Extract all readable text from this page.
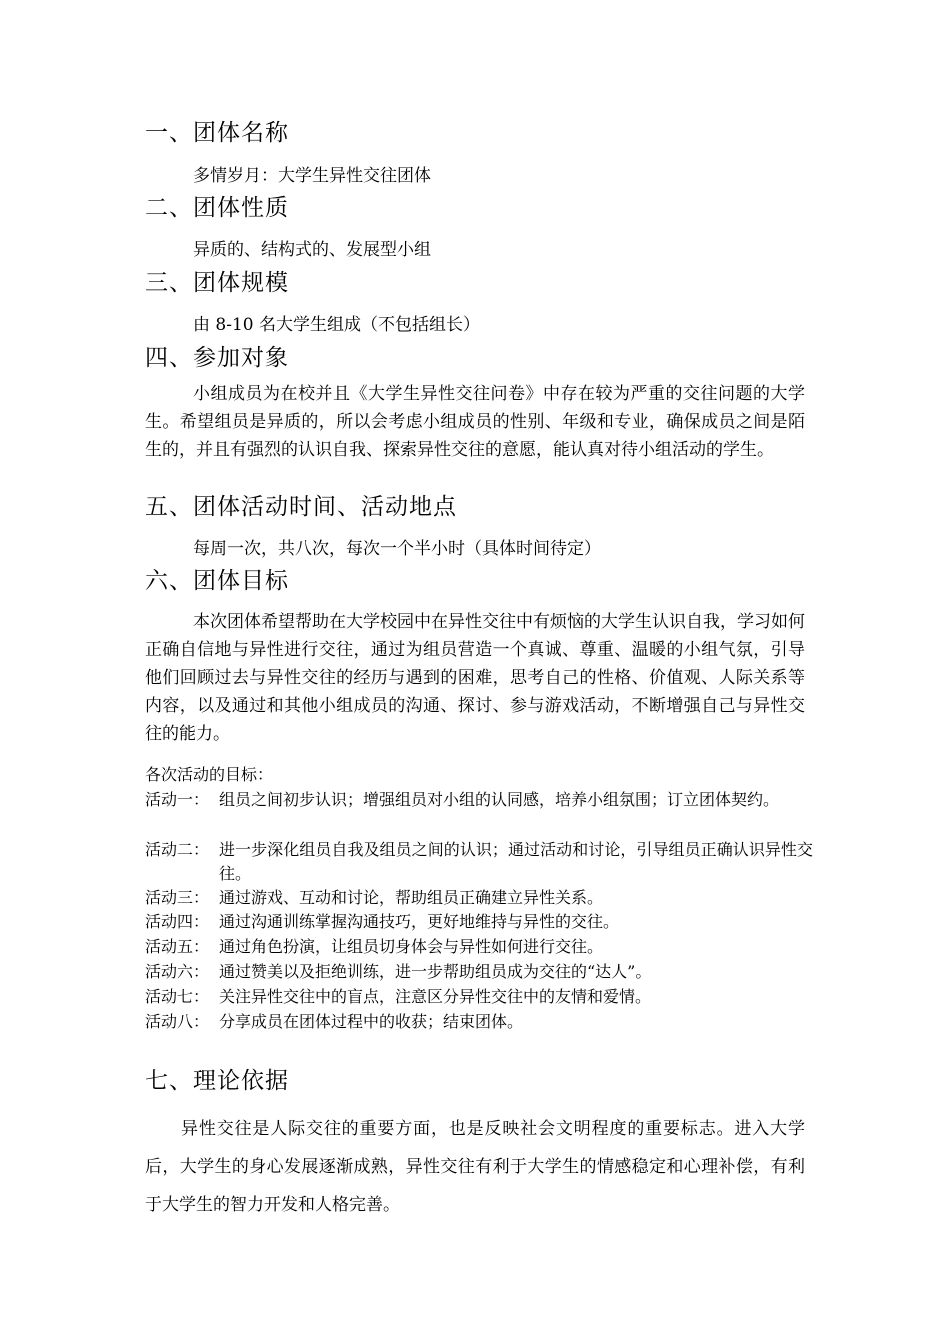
一、团体名称
多情岁月：大学生异性交往团体
二、团体性质
异质的、结构式的、发展型小组
三、团体规模
由 8-10 名大学生组成（不包括组长）
四、参加对象

小组成员为在校并且《大学生异性交往问卷》中存在较为严重的交往问题的大学生。希望组员是异质的，所以会考虑小组成员的性别、年级和专业，确保成员之间是陌生的，并且有强烈的认识自我、探索异性交往的意愿，能认真对待小组活动的学生。

五、团体活动时间、活动地点
每周一次，共八次，每次一个半小时（具体时间待定）
六、团体目标

本次团体希望帮助在大学校园中在异性交往中有烦恼的大学生认识自我，学习如何正确自信地与异性进行交往，通过为组员营造一个真诚、尊重、温暖的小组气氛，引导他们回顾过去与异性交往的经历与遇到的困难，思考自己的性格、价值观、人际关系等内容，以及通过和其他小组成员的沟通、探讨、参与游戏活动，不断增强自己与异性交往的能力。

各次活动的目标：
活动一： 组员之间初步认识；增强组员对小组的认同感，培养小组氛围；订立团体契约。
活动二： 进一步深化组员自我及组员之间的认识；通过活动和讨论，引导组员正确认识异性交往。
活动三： 通过游戏、互动和讨论，帮助组员正确建立异性关系。
活动四： 通过沟通训练掌握沟通技巧，更好地维持与异性的交往。
活动五： 通过角色扮演，让组员切身体会与异性如何进行交往。
活动六： 通过赞美以及拒绝训练，进一步帮助组员成为交往的“达人”。
活动七： 关注异性交往中的盲点，注意区分异性交往中的友情和爱情。
活动八： 分享成员在团体过程中的收获；结束团体。
七、理论依据

异性交往是人际交往的重要方面，也是反映社会文明程度的重要标志。进入大学后，大学生的身心发展逐渐成熟，异性交往有利于大学生的情感稳定和心理补偿，有利于大学生的智力开发和人格完善。
